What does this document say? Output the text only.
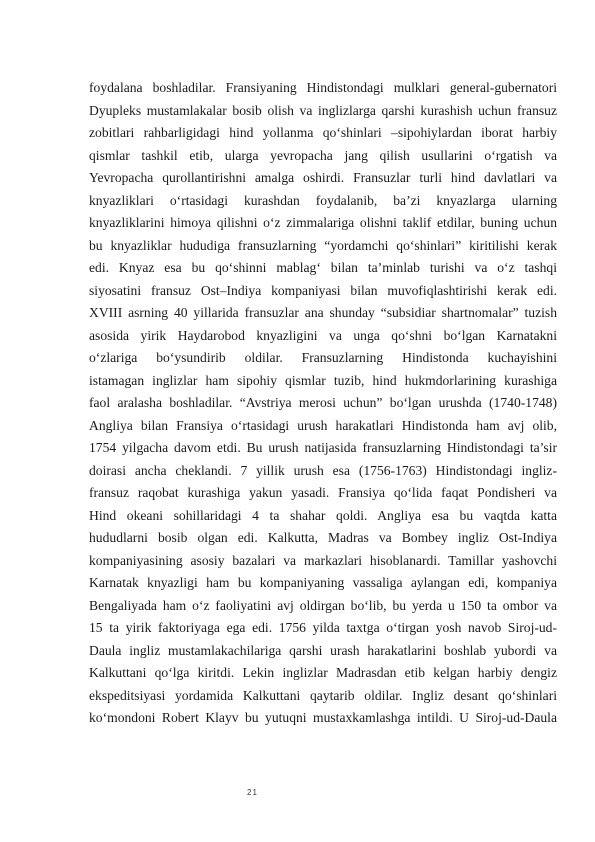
foydalana boshladilar. Fransiyaning Hindistondagi mulklari general-gubernatori
Dyupleks mustamlakalar bosib olish va inglizlarga qarshi kurashish uchun fransuz
zobitlari rahbarligidagi hind yollanma qo‘shinlari –sipohiylardan iborat harbiy
qismlar tashkil etib, ularga yevropacha jang qilish usullarini o‘rgatish va
Yevropacha qurollantirishni amalga oshirdi. Fransuzlar turli hind davlatlari va
knyazliklari o‘rtasidagi kurashdan foydalanib, ba’zi knyazlarga ularning
knyazliklarini himoya qilishni o‘z zimmalariga olishni taklif etdilar, buning uchun
bu knyazliklar hududiga fransuzlarning “yordamchi qo‘shinlari” kiritilishi kerak
edi. Knyaz esa bu qo‘shinni mablag‘ bilan ta’minlab turishi va o‘z tashqi
siyosatini fransuz Ost–Indiya kompaniyasi bilan muvofiqlashtirishi kerak edi.
XVIII asrning 40 yillarida fransuzlar ana shunday “subsidiar shartnomalar” tuzish
asosida yirik Haydarobod knyazligini va unga qo‘shni bo‘lgan Karnatakni
o‘zlariga bo‘ysundirib oldilar. Fransuzlarning Hindistonda kuchayishini
istamagan inglizlar ham sipohiy qismlar tuzib, hind hukmdorlarining kurashiga
faol aralasha boshladilar. “Avstriya merosi uchun” bo‘lgan urushda (1740-1748)
Angliya bilan Fransiya o‘rtasidagi urush harakatlari Hindistonda ham avj olib,
1754 yilgacha davom etdi. Bu urush natijasida fransuzlarning Hindistondagi ta’sir
doirasi ancha cheklandi. 7 yillik urush esa (1756-1763) Hindistondagi ingliz-
fransuz raqobat kurashiga yakun yasadi. Fransiya qo‘lida faqat Pondisheri va
Hind okeani sohillaridagi 4 ta shahar qoldi. Angliya esa bu vaqtda katta
hududlarni bosib olgan edi. Kalkutta, Madras va Bombey ingliz Ost-Indiya
kompaniyasining asosiy bazalari va markazlari hisoblanardi. Tamillar yashovchi
Karnatak knyazligi ham bu kompaniyaning vassaliga aylangan edi, kompaniya
Bengaliyada ham o‘z faoliyatini avj oldirgan bo‘lib, bu yerda u 150 ta ombor va
15 ta yirik faktoriyaga ega edi. 1756 yilda taxtga o‘tirgan yosh navob Siroj-ud-
Daula ingliz mustamlakachilariga qarshi urash harakatlarini boshlab yubordi va
Kalkuttani qo‘lga kiritdi. Lekin inglizlar Madrasdan etib kelgan harbiy dengiz
ekspeditsiyasi yordamida Kalkuttani qaytarib oldilar. Ingliz desant qo‘shinlari
ko‘mondoni Robert Klayv bu yutuqni mustaxkamlashga intildi. U Siroj-ud-Daula
21
